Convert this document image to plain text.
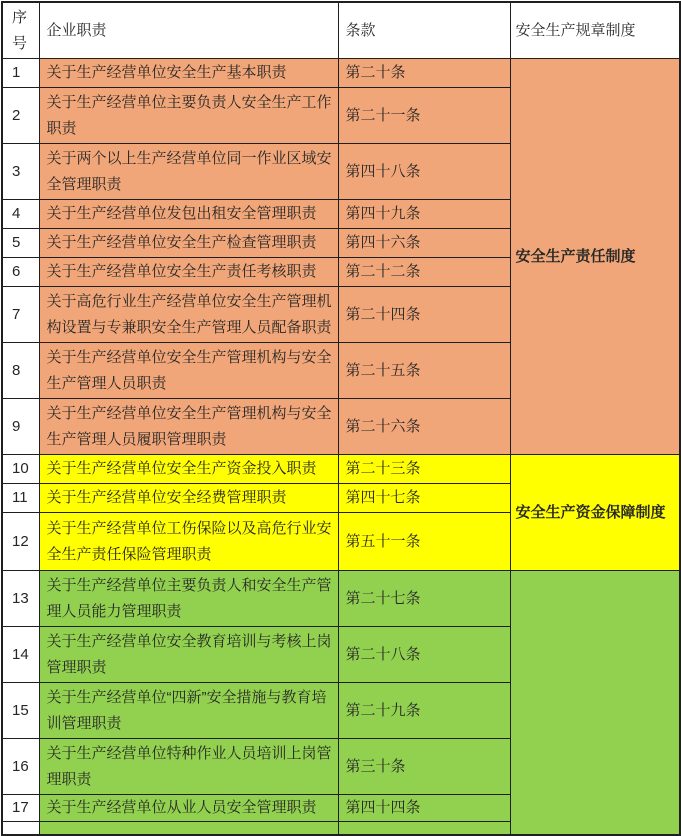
序号	企业职责	条款	安全生产规章制度
1	关于生产经营单位安全生产基本职责	第二十条	安全生产责任制度
2	关于生产经营单位主要负责人安全生产工作职责	第二十一条	
3	关于两个以上生产经营单位同一作业区域安全管理职责	第四十八条	
4	关于生产经营单位发包出租安全管理职责	第四十九条	
5	关于生产经营单位安全生产检查管理职责	第四十六条	
6	关于生产经营单位安全生产责任考核职责	第二十二条	
7	关于高危行业生产经营单位安全生产管理机构设置与专兼职安全生产管理人员配备职责	第二十四条	
8	关于生产经营单位安全生产管理机构与安全生产管理人员职责	第二十五条	
9	关于生产经营单位安全生产管理机构与安全生产管理人员履职管理职责	第二十六条	
10	关于生产经营单位安全生产资金投入职责	第二十三条	安全生产资金保障制度
11	关于生产经营单位安全经费管理职责	第四十七条	
12	关于生产经营单位工伤保险以及高危行业安全生产责任保险管理职责	第五十一条	
13	关于生产经营单位主要负责人和安全生产管理人员能力管理职责	第二十七条	
14	关于生产经营单位安全教育培训与考核上岗管理职责	第二十八条	
15	关于生产经营单位“四新”安全措施与教育培训管理职责	第二十九条	
16	关于生产经营单位特种作业人员培训上岗管理职责	第三十条	
17	关于生产经营单位从业人员安全管理职责	第四十四条	
